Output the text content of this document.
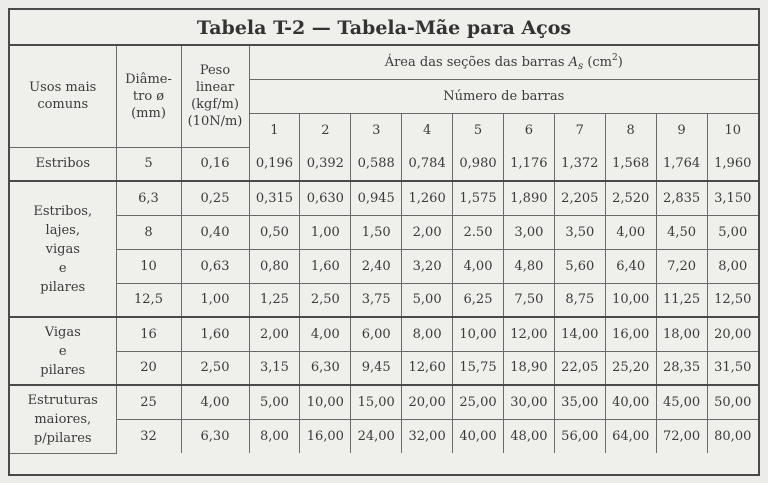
Tabela T-2 — Tabela-Mãe para Aços
Usos mais
comuns	Diâme-
tro ø
(mm)	Peso
linear
(kgf/m)
(10N/m)	Área das seções das barras $A_s$ $(cm^2)$									
			Número de barras									
			1	2	3	4	5	6	7	8	9	10

Estribos	5	0,16	0,196	0,392	0,588	0,784	0,980	1,176	1,372	1,568	1,764	1,960

Estribos,
lajes,
vigas
e
pilares	6,3	0,25	0,315	0,630	0,945	1,260	1,575	1,890	2,205	2,520	2,835	3,150
	8	0,40	0,50	1,00	1,50	2,00	2.50	3,00	3,50	4,00	4,50	5,00
	10	0,63	0,80	1,60	2,40	3,20	4,00	4,80	5,60	6,40	7,20	8,00
	12,5	1,00	1,25	2,50	3,75	5,00	6,25	7,50	8,75	10,00	11,25	12,50

Vigas
e
pilares	16	1,60	2,00	4,00	6,00	8,00	10,00	12,00	14,00	16,00	18,00	20,00
	20	2,50	3,15	6,30	9,45	12,60	15,75	18,90	22,05	25,20	28,35	31,50

Estruturas
maiores,
p/pilares	25	4,00	5,00	10,00	15,00	20,00	25,00	30,00	35,00	40,00	45,00	50,00
	32	6,30	8,00	16,00	24,00	32,00	40,00	48,00	56,00	64,00	72,00	80,00
